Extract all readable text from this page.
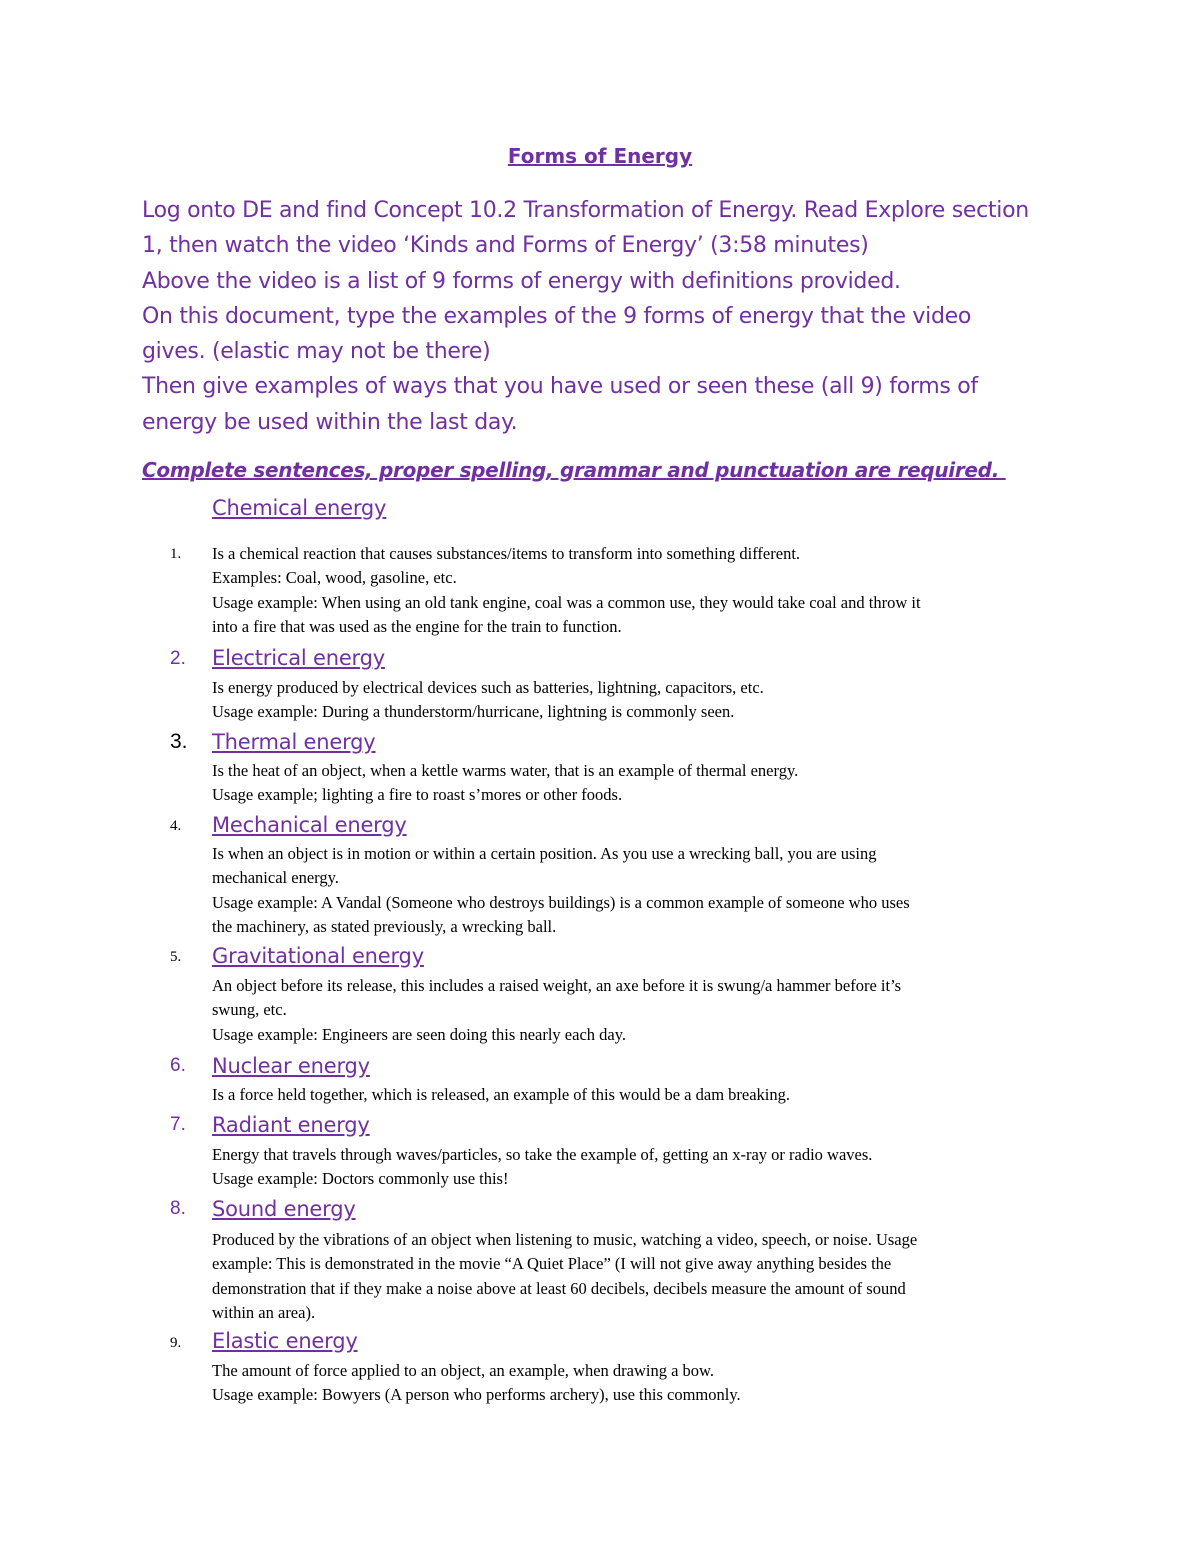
Forms of Energy

Log onto DE and find Concept 10.2 Transformation of Energy. Read Explore section

1, then watch the video ‘Kinds and Forms of Energy’ (3:58 minutes)

Above the video is a list of 9 forms of energy with definitions provided.

On this document, type the examples of the 9 forms of energy that the video

gives. (elastic may not be there)

Then give examples of ways that you have used or seen these (all 9) forms of

energy be used within the last day.

Complete sentences, proper spelling, grammar and punctuation are required.
Chemical energy
1.	Is a chemical reaction that causes substances/items to transform into something different.

Examples: Coal, wood, gasoline, etc.

Usage example: When using an old tank engine, coal was a common use, they would take coal and throw it

into a fire that was used as the engine for the train to function.

2.	Electrical energy

Is energy produced by electrical devices such as batteries, lightning, capacitors, etc.

Usage example: During a thunderstorm/hurricane, lightning is commonly seen.

3.	Thermal energy

Is the heat of an object, when a kettle warms water, that is an example of thermal energy.

Usage example; lighting a fire to roast s’mores or other foods.

4.	Mechanical energy

Is when an object is in motion or within a certain position. As you use a wrecking ball, you are using

mechanical energy.

Usage example: A Vandal (Someone who destroys buildings) is a common example of someone who uses

the machinery, as stated previously, a wrecking ball.

5.	Gravitational energy

An object before its release, this includes a raised weight, an axe before it is swung/a hammer before it’s

swung, etc.

Usage example: Engineers are seen doing this nearly each day.

6.	Nuclear energy

Is a force held together, which is released, an example of this would be a dam breaking.

7.	Radiant energy

Energy that travels through waves/particles, so take the example of, getting an x-ray or radio waves.

Usage example: Doctors commonly use this!

8.	Sound energy

Produced by the vibrations of an object when listening to music, watching a video, speech, or noise. Usage

example: This is demonstrated in the movie “A Quiet Place” (I will not give away anything besides the

demonstration that if they make a noise above at least 60 decibels, decibels measure the amount of sound

within an area).

9.	Elastic energy

The amount of force applied to an object, an example, when drawing a bow.

Usage example: Bowyers (A person who performs archery), use this commonly.
